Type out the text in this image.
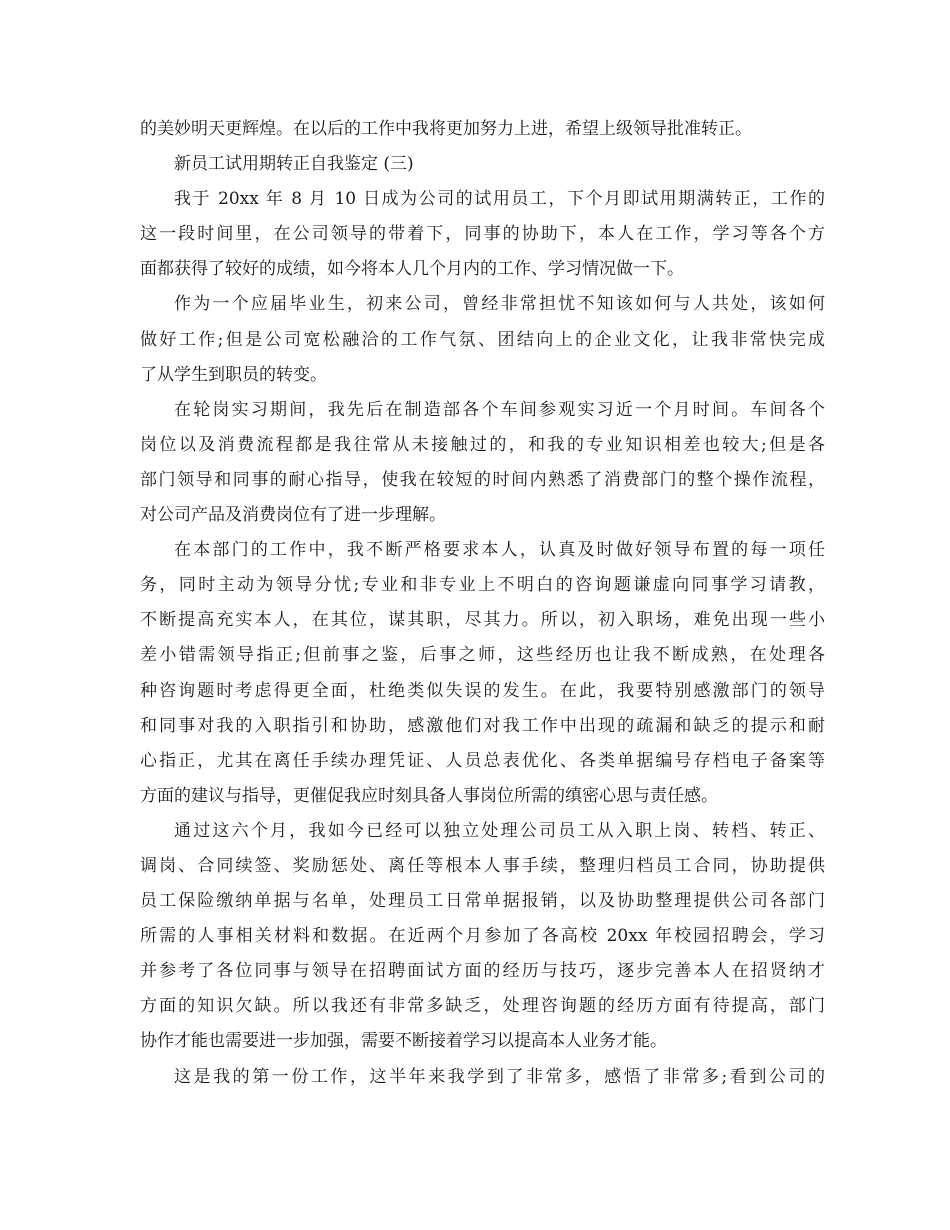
的美妙明天更辉煌。在以后的工作中我将更加努力上进，希望上级领导批准转正。
新员工试用期转正自我鉴定 (三)
我于 20xx 年 8 月 10 日成为公司的试用员工，下个月即试用期满转正，工作的
这一段时间里，在公司领导的带着下，同事的协助下，本人在工作，学习等各个方
面都获得了较好的成绩，如今将本人几个月内的工作、学习情况做一下。
作为一个应届毕业生，初来公司，曾经非常担忧不知该如何与人共处，该如何
做好工作;但是公司宽松融洽的工作气氛、团结向上的企业文化，让我非常快完成
了从学生到职员的转变。
在轮岗实习期间，我先后在制造部各个车间参观实习近一个月时间。车间各个
岗位以及消费流程都是我往常从未接触过的，和我的专业知识相差也较大;但是各
部门领导和同事的耐心指导，使我在较短的时间内熟悉了消费部门的整个操作流程，
对公司产品及消费岗位有了进一步理解。
在本部门的工作中，我不断严格要求本人，认真及时做好领导布置的每一项任
务，同时主动为领导分忧;专业和非专业上不明白的咨询题谦虚向同事学习请教，
不断提高充实本人，在其位，谋其职，尽其力。所以，初入职场，难免出现一些小
差小错需领导指正;但前事之鉴，后事之师，这些经历也让我不断成熟，在处理各
种咨询题时考虑得更全面，杜绝类似失误的发生。在此，我要特别感激部门的领导
和同事对我的入职指引和协助，感激他们对我工作中出现的疏漏和缺乏的提示和耐
心指正，尤其在离任手续办理凭证、人员总表优化、各类单据编号存档电子备案等
方面的建议与指导，更催促我应时刻具备人事岗位所需的缜密心思与责任感。
通过这六个月，我如今已经可以独立处理公司员工从入职上岗、转档、转正、
调岗、合同续签、奖励惩处、离任等根本人事手续，整理归档员工合同，协助提供
员工保险缴纳单据与名单，处理员工日常单据报销，以及协助整理提供公司各部门
所需的人事相关材料和数据。在近两个月参加了各高校 20xx 年校园招聘会，学习
并参考了各位同事与领导在招聘面试方面的经历与技巧，逐步完善本人在招贤纳才
方面的知识欠缺。所以我还有非常多缺乏，处理咨询题的经历方面有待提高，部门
协作才能也需要进一步加强，需要不断接着学习以提高本人业务才能。
这是我的第一份工作，这半年来我学到了非常多，感悟了非常多;看到公司的
